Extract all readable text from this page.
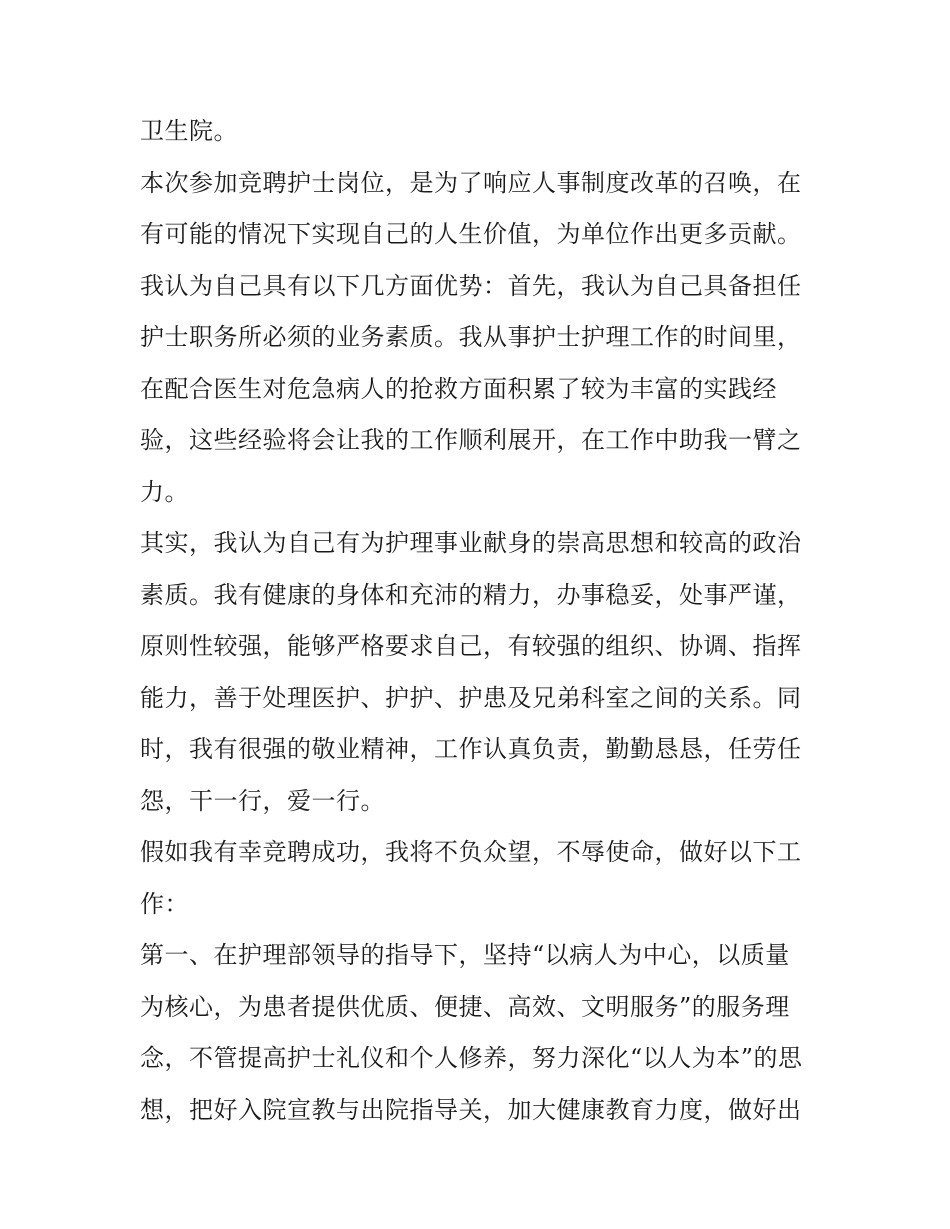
卫生院。
本次参加竞聘护士岗位，是为了响应人事制度改革的召唤，在
有可能的情况下实现自己的人生价值，为单位作出更多贡献。
我认为自己具有以下几方面优势：首先，我认为自己具备担任
护士职务所必须的业务素质。我从事护士护理工作的时间里，
在配合医生对危急病人的抢救方面积累了较为丰富的实践经
验，这些经验将会让我的工作顺利展开，在工作中助我一臂之
力。
其实，我认为自己有为护理事业献身的崇高思想和较高的政治
素质。我有健康的身体和充沛的精力，办事稳妥，处事严谨，
原则性较强，能够严格要求自己，有较强的组织、协调、指挥
能力，善于处理医护、护护、护患及兄弟科室之间的关系。同
时，我有很强的敬业精神，工作认真负责，勤勤恳恳，任劳任
怨，干一行，爱一行。
假如我有幸竞聘成功，我将不负众望，不辱使命，做好以下工
作：
第一、在护理部领导的指导下，坚持“以病人为中心，以质量
为核心，为患者提供优质、便捷、高效、文明服务”的服务理
念，不管提高护士礼仪和个人修养，努力深化“以人为本”的思
想，把好入院宣教与出院指导关，加大健康教育力度，做好出
